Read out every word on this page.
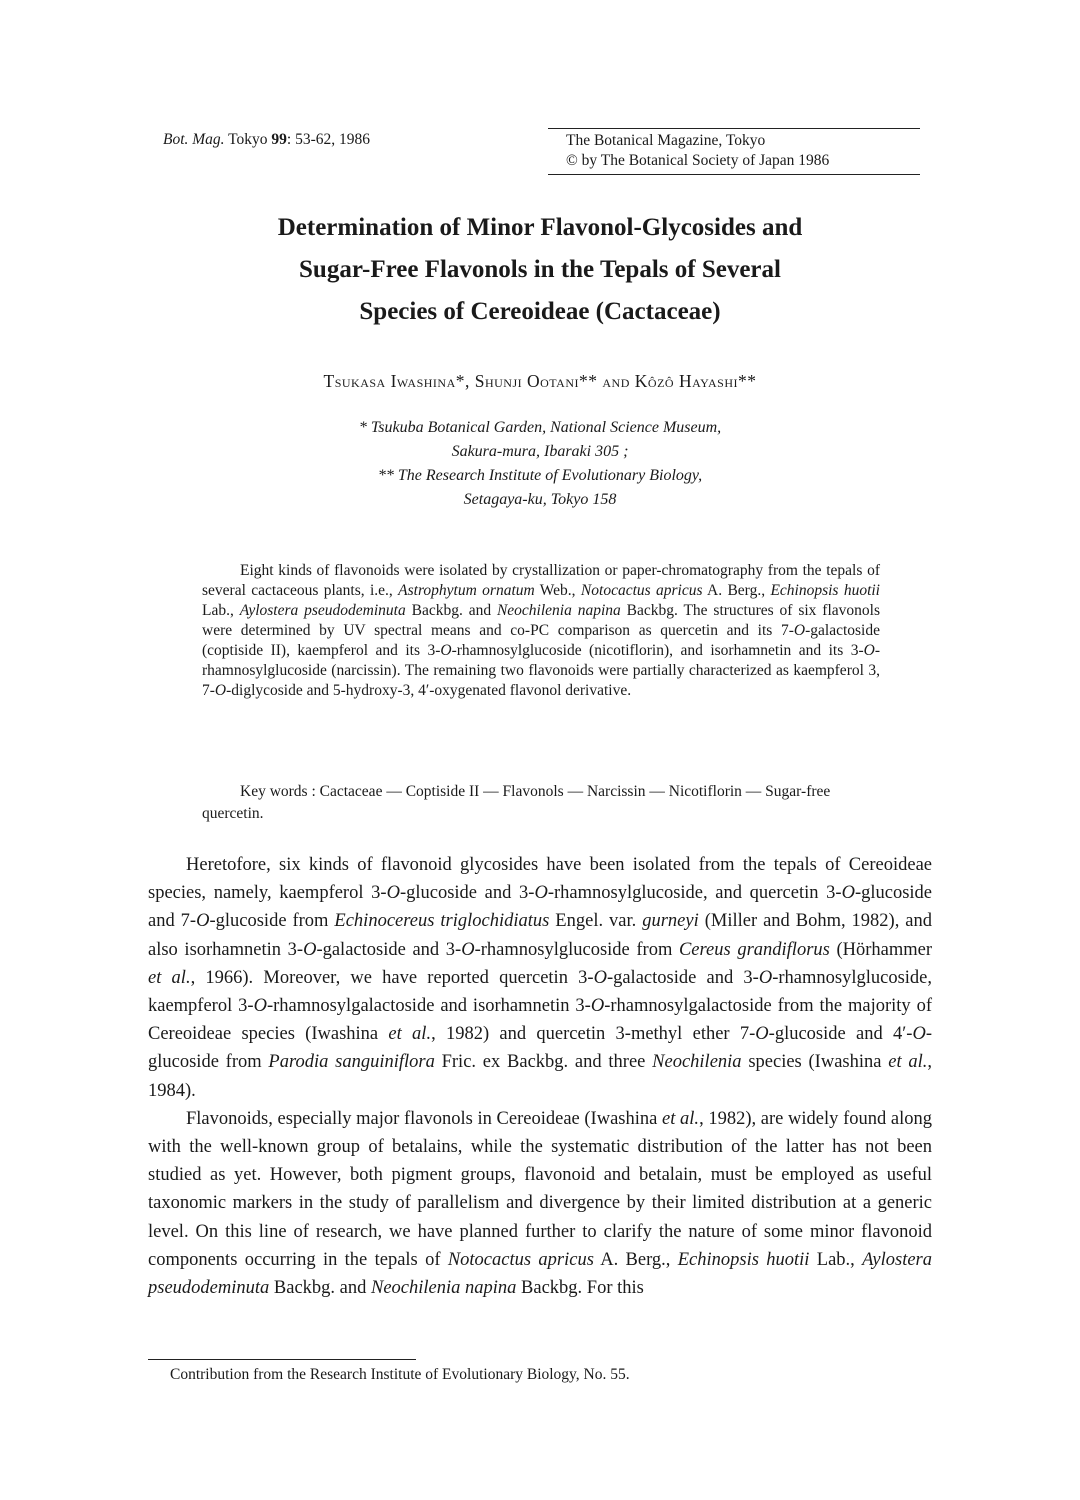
Bot. Mag. Tokyo 99: 53-62, 1986	The Botanical Magazine, Tokyo
© by The Botanical Society of Japan 1986
Determination of Minor Flavonol-Glycosides and
Sugar-Free Flavonols in the Tepals of Several
Species of Cereoideae (Cactaceae)
Tsukasa Iwashina*, Shunji Ootani** and Kôzô Hayashi**
* Tsukuba Botanical Garden, National Science Museum,
Sakura-mura, Ibaraki 305 ;
** The Research Institute of Evolutionary Biology,
Setagaya-ku, Tokyo 158
Eight kinds of flavonoids were isolated by crystallization or paper-chromatography from the tepals of several cactaceous plants, i.e., Astrophytum ornatum Web., Notocactus apricus A. Berg., Echinopsis huotii Lab., Aylostera pseudodeminuta Backbg. and Neochilenia napina Backbg. The structures of six flavonols were determined by UV spectral means and co-PC comparison as quercetin and its 7-O-galactoside (coptiside II), kaempferol and its 3-O-rhamnosylglucoside (nicotiflorin), and isorhamnetin and its 3-O-rhamnosylglucoside (narcissin). The remaining two flavonoids were partially characterized as kaempferol 3, 7-O-diglycoside and 5-hydroxy-3, 4′-oxygenated flavonol derivative.
Key words : Cactaceae — Coptiside II — Flavonols — Narcissin — Nicotiflorin — Sugar-free quercetin.

Heretofore, six kinds of flavonoid glycosides have been isolated from the tepals of Cereoideae species, namely, kaempferol 3-O-glucoside and 3-O-rhamnosylglucoside, and quercetin 3-O-glucoside and 7-O-glucoside from Echinocereus triglochidiatus Engel. var. gurneyi (Miller and Bohm, 1982), and also isorhamnetin 3-O-galactoside and 3-O-rhamnosylglucoside from Cereus grandiflorus (Hörhammer et al., 1966). Moreover, we have reported quercetin 3-O-galactoside and 3-O-rhamnosylglucoside, kaempferol 3-O-rhamnosylgalactoside and isorhamnetin 3-O-rhamnosylgalactoside from the majority of Cereoideae species (Iwashina et al., 1982) and quercetin 3-methyl ether 7-O-glucoside and 4′-O-glucoside from Parodia sanguiniflora Fric. ex Backbg. and three Neochilenia species (Iwashina et al., 1984).

Flavonoids, especially major flavonols in Cereoideae (Iwashina et al., 1982), are widely found along with the well-known group of betalains, while the systematic distribution of the latter has not been studied as yet. However, both pigment groups, flavonoid and betalain, must be employed as useful taxonomic markers in the study of parallelism and divergence by their limited distribution at a generic level. On this line of research, we have planned further to clarify the nature of some minor flavonoid components occurring in the tepals of Notocactus apricus A. Berg., Echinopsis huotii Lab., Aylostera pseudodeminuta Backbg. and Neochilenia napina Backbg. For this

Contribution from the Research Institute of Evolutionary Biology, No. 55.
